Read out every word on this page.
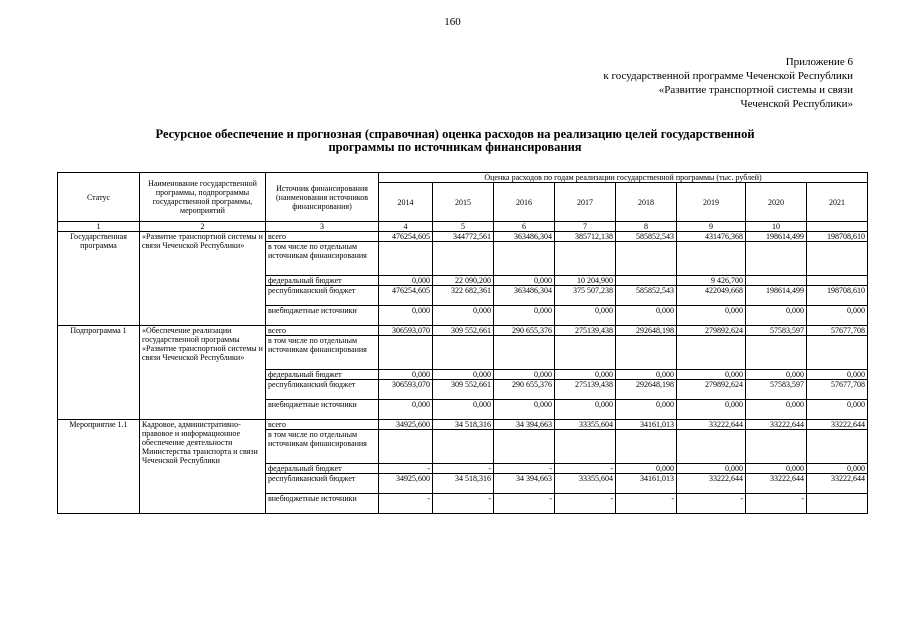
160
Приложение 6
к государственной программе Чеченской Республики
«Развитие транспортной системы и связи
Чеченской Республики»
Ресурсное обеспечение и прогнозная (справочная) оценка расходов на реализацию целей государственной
программы по источникам финансирования
Статус	Наименование государственной программы, подпрограммы государственной программы, мероприятий	Источник финансирования (наименования источников финансирования)	Оценка расходов по годам реализации государственной программы (тыс. рублей)							
			2014	2015	2016	2017	2018	2019	2020	2021
1	2	3	4	5	6	7	8	9	10	
Государственная программа	«Развитие транспортной системы и связи Чеченской Республики»	всего	476254,605	344772,561	363486,304	385712,138	585852,543	431476,368	198614,499	198708,610
		в том числе по отдельным источникам финансирования								
		федеральный бюджет	0,000	22 090,200	0,000	10 204,900		9 426,700		
		республиканский бюджет	476254,605	322 682,361	363486,304	375 507,238	585852,543	422049,668	198614,499	198708,610
		внебюджетные источники	0,000	0,000	0,000	0,000	0,000	0,000	0,000	0,000
Подпрограмма 1	«Обеспечение реализации государственной программы «Развитие транспортной системы и связи Чеченской Республики»	всего	306593,070	309 552,661	290 655,376	275139,438	292648,198	279892,624	57583,597	57677,708
		в том числе по отдельным источникам финансирования								
		федеральный бюджет	0,000	0,000	0,000	0,000	0,000	0,000	0,000	0,000
		республиканский бюджет	306593,070	309 552,661	290 655,376	275139,438	292648,198	279892,624	57583,597	57677,708
		внебюджетные источники	0,000	0,000	0,000	0,000	0,000	0,000	0,000	0,000
Мероприятие 1.1	Кадровое, административно-правовое и информационное обеспечение деятельности Министерства транспорта и связи Чеченской Республики	всего	34925,600	34 518,316	34 394,663	33355,604	34161,013	33222,644	33222,644	33222,644
		в том числе по отдельным источникам финансирования								
		федеральный бюджет	-	-	-	-	0,000	0,000	0,000	0,000
		республиканский бюджет	34925,600	34 518,316	34 394,663	33355,604	34161,013	33222,644	33222,644	33222,644
		внебюджетные источники	-	-	-	-	-	-	-	
